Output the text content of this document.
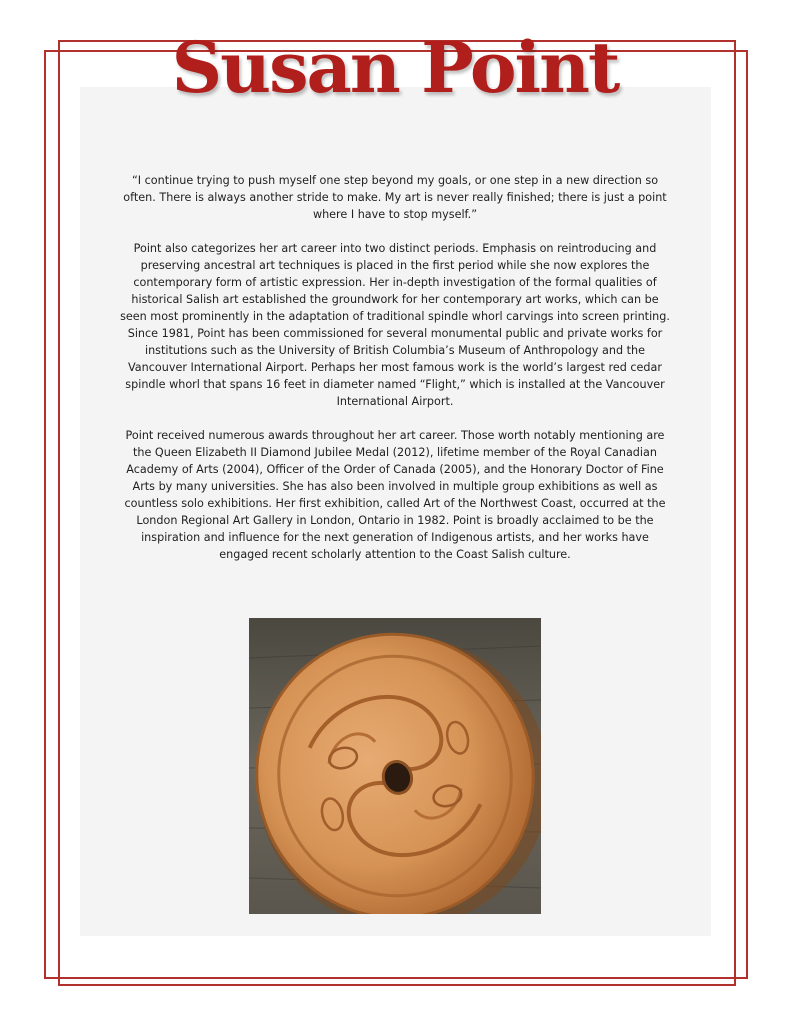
Susan Point

“I continue trying to push myself one step beyond my goals, or one step in a new direction so often. There is always another stride to make. My art is never really finished; there is just a point where I have to stop myself.”

Point also categorizes her art career into two distinct periods. Emphasis on reintroducing and preserving ancestral art techniques is placed in the first period while she now explores the contemporary form of artistic expression. Her in-depth investigation of the formal qualities of historical Salish art established the groundwork for her contemporary art works, which can be seen most prominently in the adaptation of traditional spindle whorl carvings into screen printing. Since 1981, Point has been commissioned for several monumental public and private works for institutions such as the University of British Columbia’s Museum of Anthropology and the Vancouver International Airport. Perhaps her most famous work is the world’s largest red cedar spindle whorl that spans 16 feet in diameter named “Flight,” which is installed at the Vancouver International Airport.

Point received numerous awards throughout her art career. Those worth notably mentioning are the Queen Elizabeth II Diamond Jubilee Medal (2012), lifetime member of the Royal Canadian Academy of Arts (2004), Officer of the Order of Canada (2005), and the Honorary Doctor of Fine Arts by many universities. She has also been involved in multiple group exhibitions as well as countless solo exhibitions. Her first exhibition, called Art of the Northwest Coast, occurred at the London Regional Art Gallery in London, Ontario in 1982. Point is broadly acclaimed to be the inspiration and influence for the next generation of Indigenous artists, and her works have engaged recent scholarly attention to the Coast Salish culture.
